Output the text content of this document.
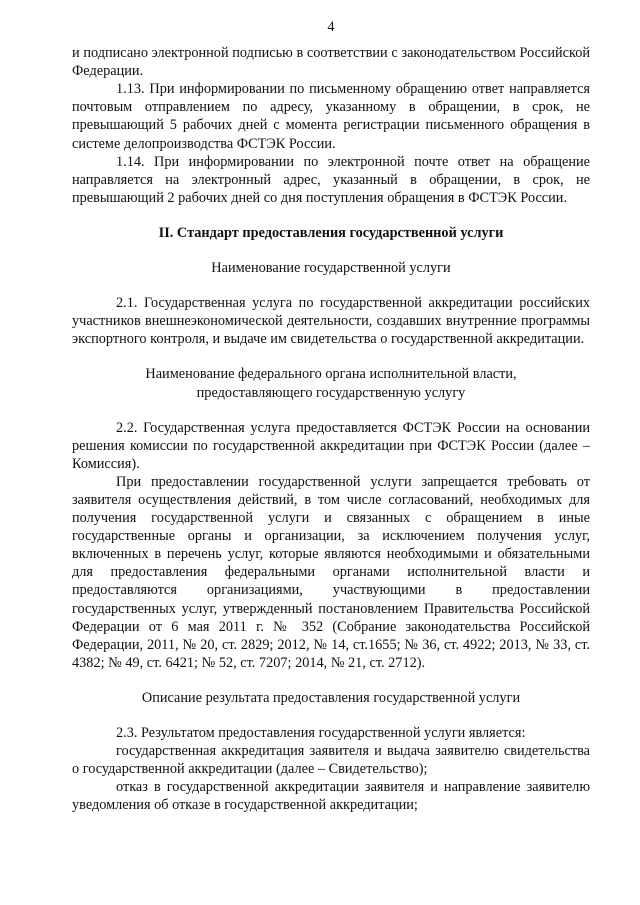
4

и подписано электронной подписью в соответствии с законодательством Российской Федерации.

1.13. При информировании по письменному обращению ответ направляется почтовым отправлением по адресу, указанному в обращении, в срок, не превышающий 5 рабочих дней с момента регистрации письменного обращения в системе делопроизводства ФСТЭК России.

1.14. При информировании по электронной почте ответ на обращение направляется на электронный адрес, указанный в обращении, в срок, не превышающий 2 рабочих дней со дня поступления обращения в ФСТЭК России.

II. Стандарт предоставления государственной услуги
Наименование государственной услуги

2.1. Государственная услуга по государственной аккредитации российских участников внешнеэкономической деятельности, создавших внутренние программы экспортного контроля, и выдаче им свидетельства о государственной аккредитации.

Наименование федерального органа исполнительной власти,
предоставляющего государственную услугу

2.2. Государственная услуга предоставляется ФСТЭК России на основании решения комиссии по государственной аккредитации при ФСТЭК России (далее – Комиссия).

При предоставлении государственной услуги запрещается требовать от заявителя осуществления действий, в том числе согласований, необходимых для получения государственной услуги и связанных с обращением в иные государственные органы и организации, за исключением получения услуг, включенных в перечень услуг, которые являются необходимыми и обязательными для предоставления федеральными органами исполнительной власти и предоставляются организациями, участвующими в предоставлении государственных услуг, утвержденный постановлением Правительства Российской Федерации от 6 мая 2011 г. № 352 (Собрание законодательства Российской Федерации, 2011, № 20, ст. 2829; 2012, № 14, ст.1655; № 36, ст. 4922; 2013, № 33, ст. 4382; № 49, ст. 6421; № 52, ст. 7207; 2014, № 21, ст. 2712).

Описание результата предоставления государственной услуги

2.3. Результатом предоставления государственной услуги является:

государственная аккредитация заявителя и выдача заявителю свидетельства о государственной аккредитации (далее – Свидетельство);

отказ в государственной аккредитации заявителя и направление заявителю уведомления об отказе в государственной аккредитации;
